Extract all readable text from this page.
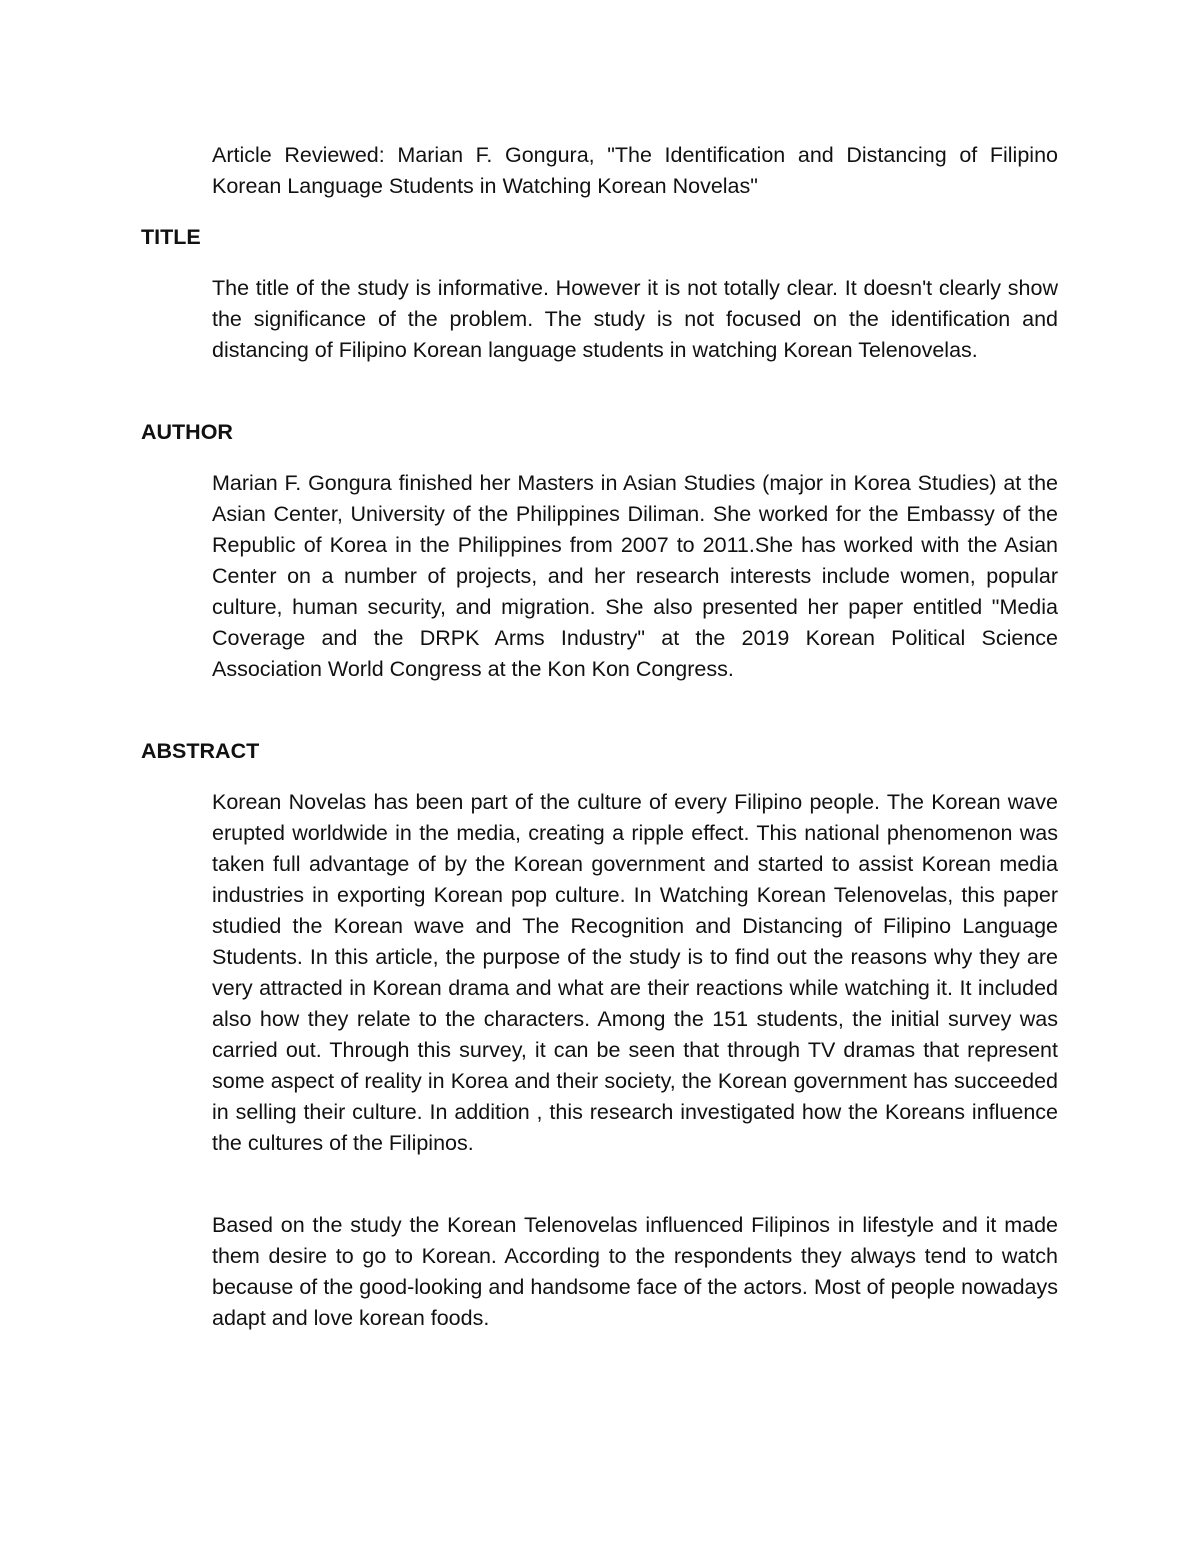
Article Reviewed: Marian F. Gongura, "The Identification and Distancing of Filipino Korean Language Students in Watching Korean Novelas"

TITLE

The title of the study is informative. However it is not totally clear. It doesn't clearly show the significance of the problem. The study is not focused on the identification and distancing of Filipino Korean language students in watching Korean Telenovelas.

AUTHOR

Marian F. Gongura finished her Masters in Asian Studies (major in Korea Studies) at the Asian Center, University of the Philippines Diliman. She worked for the Embassy of the Republic of Korea in the Philippines from 2007 to 2011.She has worked with the Asian Center on a number of projects, and her research interests include women, popular culture, human security, and migration. She also presented her paper entitled "Media Coverage and the DRPK Arms Industry" at the 2019 Korean Political Science Association World Congress at the Kon Kon Congress.

ABSTRACT

Korean Novelas has been part of the culture of every Filipino people. The Korean wave erupted worldwide in the media, creating a ripple effect. This national phenomenon was taken full advantage of by the Korean government and started to assist Korean media industries in exporting Korean pop culture. In Watching Korean Telenovelas, this paper studied the Korean wave and The Recognition and Distancing of Filipino Language Students. In this article, the purpose of the study is to find out the reasons why they are very attracted in Korean drama and what are their reactions while watching it. It included also how they relate to the characters. Among the 151 students, the initial survey was carried out. Through this survey, it can be seen that through TV dramas that represent some aspect of reality in Korea and their society, the Korean government has succeeded in selling their culture. In addition , this research investigated how the Koreans influence the cultures of the Filipinos.

Based on the study the Korean Telenovelas influenced Filipinos in lifestyle and it made them desire to go to Korean. According to the respondents they always tend to watch because of the good-looking and handsome face of the actors. Most of people nowadays adapt and love korean foods.
